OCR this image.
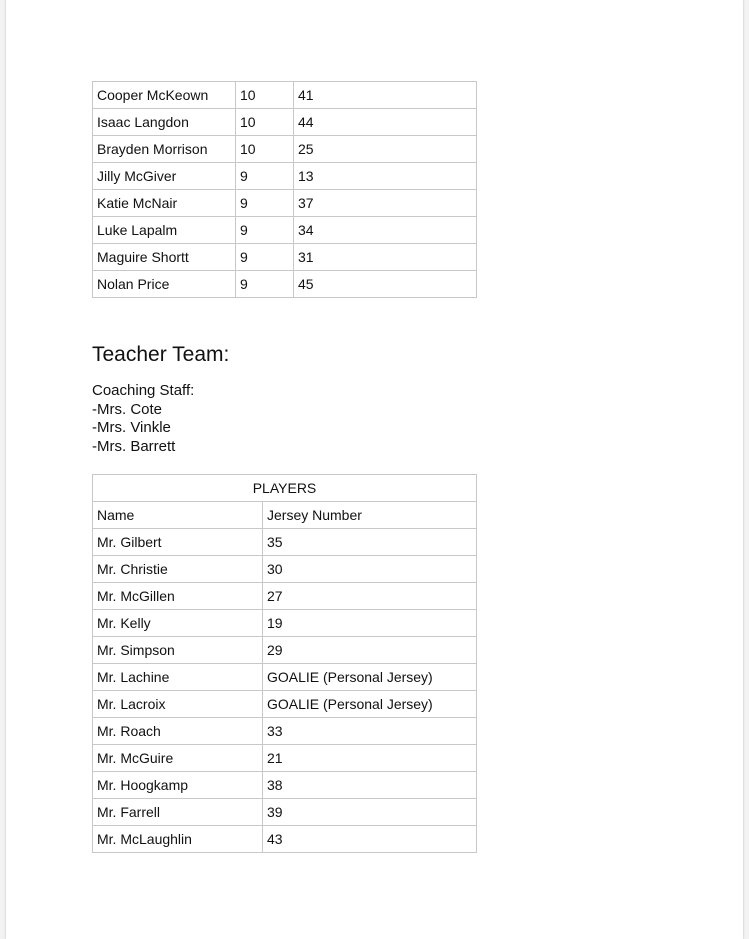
Cooper McKeown	10	41
Isaac Langdon	10	44
Brayden Morrison	10	25
Jilly McGiver	9	13
Katie McNair	9	37
Luke Lapalm	9	34
Maguire Shortt	9	31
Nolan Price	9	45
Teacher Team:
Coaching Staff:
-Mrs. Cote
-Mrs. Vinkle
-Mrs. Barrett
PLAYERS	
Name	Jersey Number
Mr. Gilbert	35
Mr. Christie	30
Mr. McGillen	27
Mr. Kelly	19
Mr. Simpson	29
Mr. Lachine	GOALIE (Personal Jersey)
Mr. Lacroix	GOALIE (Personal Jersey)
Mr. Roach	33
Mr. McGuire	21
Mr. Hoogkamp	38
Mr. Farrell	39
Mr. McLaughlin	43
